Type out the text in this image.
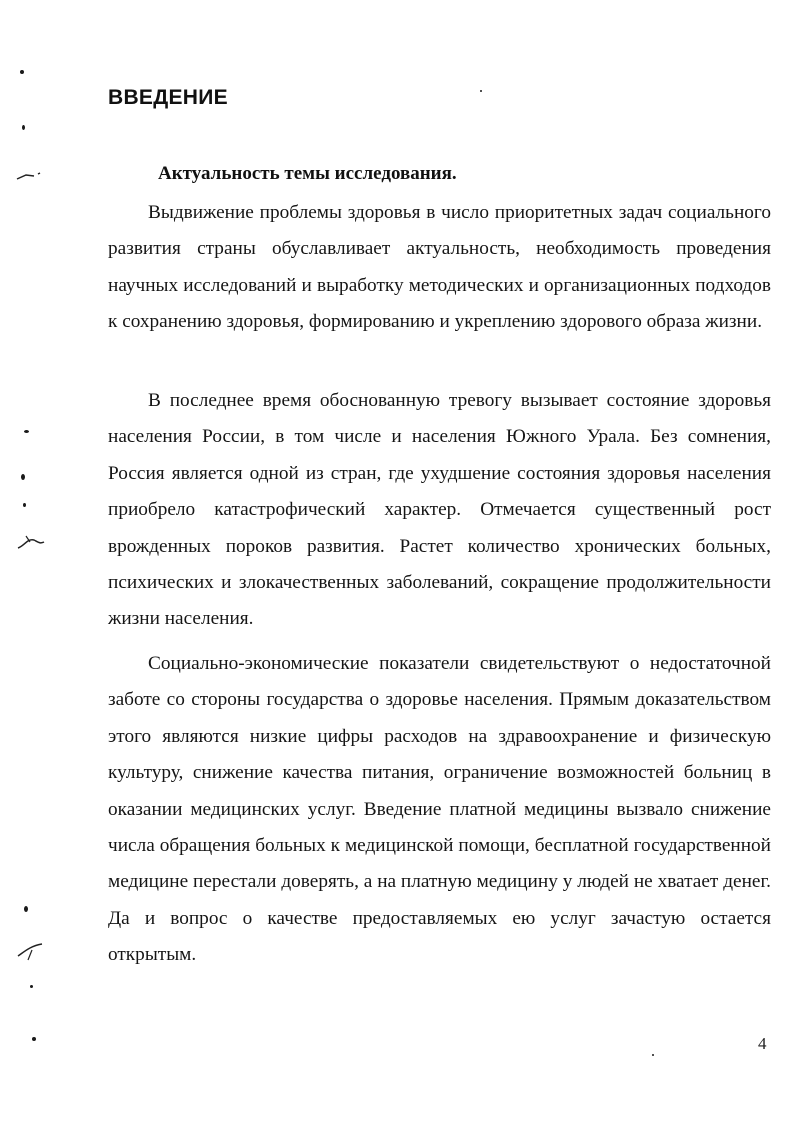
ВВЕДЕНИЕ
Актуальность темы исследования.

Выдвижение проблемы здоровья в число приоритетных задач социального развития страны обуславливает актуальность, необходимость проведения научных исследований и выработку методических и организационных подходов к сохранению здоровья, формированию и укреплению здорового образа жизни.

В последнее время обоснованную тревогу вызывает состояние здоровья населения России, в том числе и населения Южного Урала. Без сомнения, Россия является одной из стран, где ухудшение состояния здоровья населения приобрело катастрофический характер. Отмечается существенный рост врожденных пороков развития. Растет количество хронических больных, психических и злокачественных заболеваний, сокращение продолжительности жизни населения.

Социально-экономические показатели свидетельствуют о недостаточной заботе со стороны государства о здоровье населения. Прямым доказательством этого являются низкие цифры расходов на здравоохранение и физическую культуру, снижение качества питания, ограничение возможностей больниц в оказании медицинских услуг. Введение платной медицины вызвало снижение числа обращения больных к медицинской помощи, бесплатной государственной медицине перестали доверять, а на платную медицину у людей не хватает денег. Да и вопрос о качестве предоставляемых ею услуг зачастую остается открытым.

4
